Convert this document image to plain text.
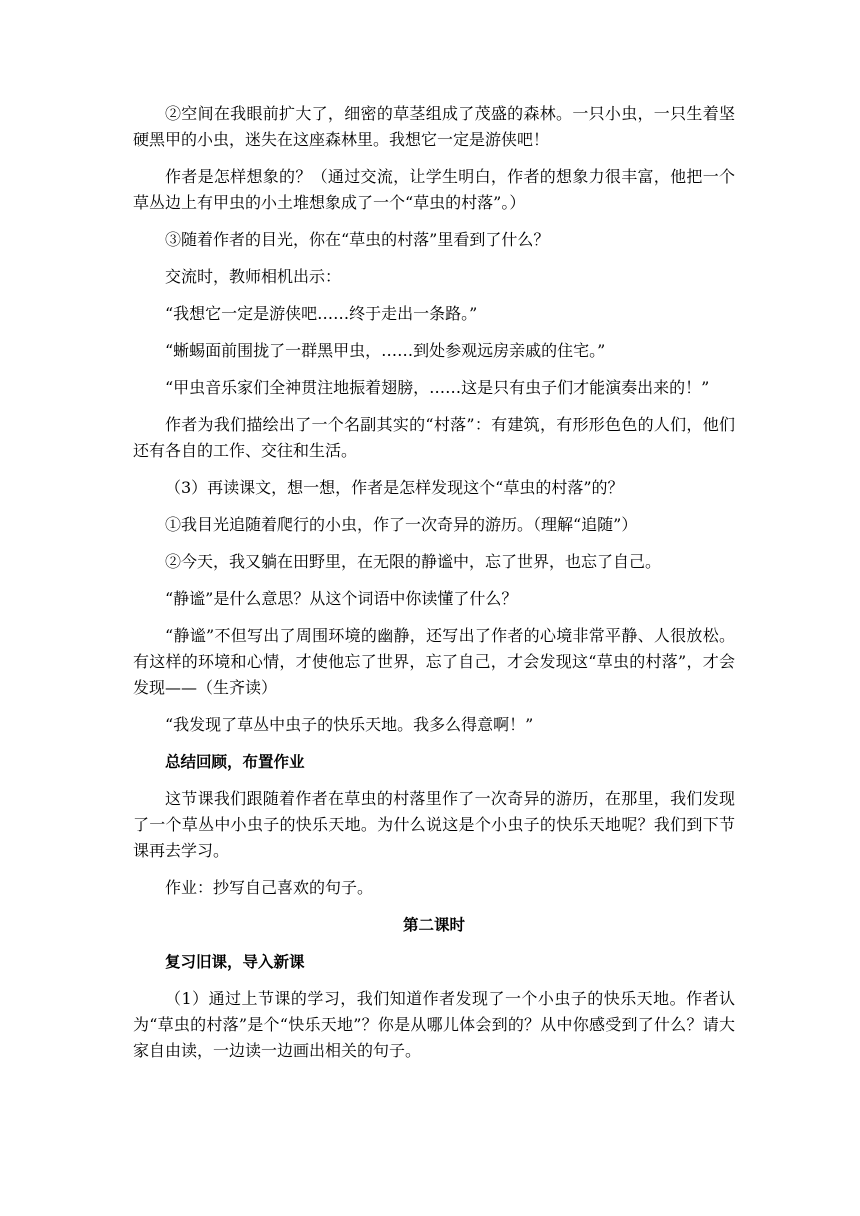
②空间在我眼前扩大了，细密的草茎组成了茂盛的森林。一只小虫，一只生着坚硬黑甲的小虫，迷失在这座森林里。我想它一定是游侠吧！

作者是怎样想象的？（通过交流，让学生明白，作者的想象力很丰富，他把一个草丛边上有甲虫的小土堆想象成了一个“草虫的村落”。）

③随着作者的目光，你在“草虫的村落”里看到了什么？

交流时，教师相机出示：

“我想它一定是游侠吧……终于走出一条路。”

“蜥蜴面前围拢了一群黑甲虫，……到处参观远房亲戚的住宅。”

“甲虫音乐家们全神贯注地振着翅膀，……这是只有虫子们才能演奏出来的！”

作者为我们描绘出了一个名副其实的“村落”：有建筑，有形形色色的人们，他们还有各自的工作、交往和生活。

（3）再读课文，想一想，作者是怎样发现这个“草虫的村落”的？

①我目光追随着爬行的小虫，作了一次奇异的游历。（理解“追随”）

②今天，我又躺在田野里，在无限的静谧中，忘了世界，也忘了自己。

“静谧”是什么意思？从这个词语中你读懂了什么？

“静谧”不但写出了周围环境的幽静，还写出了作者的心境非常平静、人很放松。有这样的环境和心情，才使他忘了世界，忘了自己，才会发现这“草虫的村落”，才会发现——（生齐读）

“我发现了草丛中虫子的快乐天地。我多么得意啊！”

总结回顾，布置作业

这节课我们跟随着作者在草虫的村落里作了一次奇异的游历，在那里，我们发现了一个草丛中小虫子的快乐天地。为什么说这是个小虫子的快乐天地呢？我们到下节课再去学习。

作业：抄写自己喜欢的句子。

第二课时

复习旧课，导入新课

（1）通过上节课的学习，我们知道作者发现了一个小虫子的快乐天地。作者认为“草虫的村落”是个“快乐天地”？你是从哪儿体会到的？从中你感受到了什么？请大家自由读，一边读一边画出相关的句子。
